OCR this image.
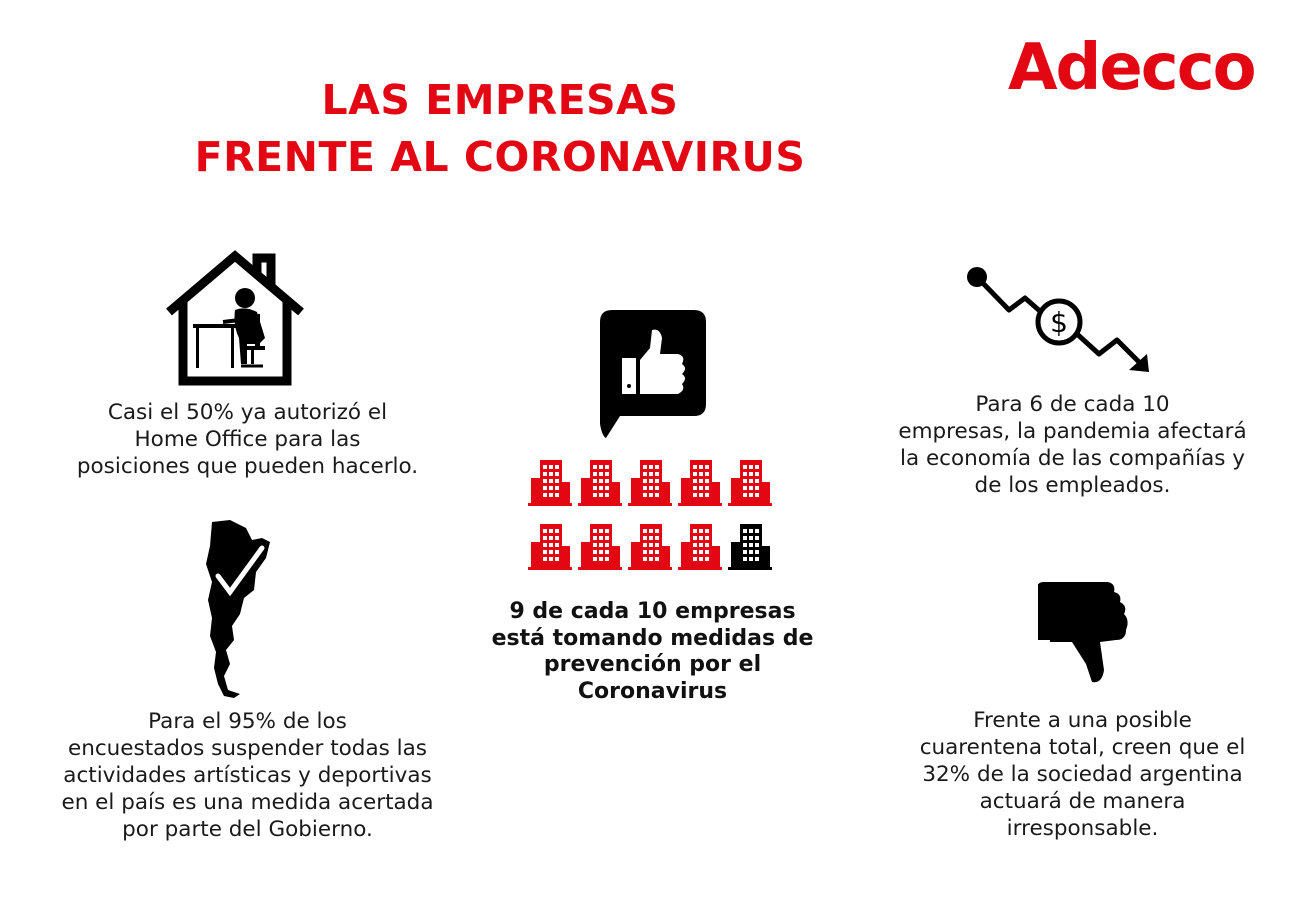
LAS EMPRESAS
FRENTE AL CORONAVIRUS
Adecco
Casi el 50% ya autorizó el
Home Office para las
posiciones que pueden hacerlo.
Para el 95% de los
encuestados suspender todas las
actividades artísticas y deportivas
en el país es una medida acertada
por parte del Gobierno.
9 de cada 10 empresas
está tomando medidas de
prevención por el
Coronavirus
$
Para 6 de cada 10
empresas, la pandemia afectará
la economía de las compañías y
de los empleados.
Frente a una posible
cuarentena total, creen que el
32% de la sociedad argentina
actuará de manera
irresponsable.
